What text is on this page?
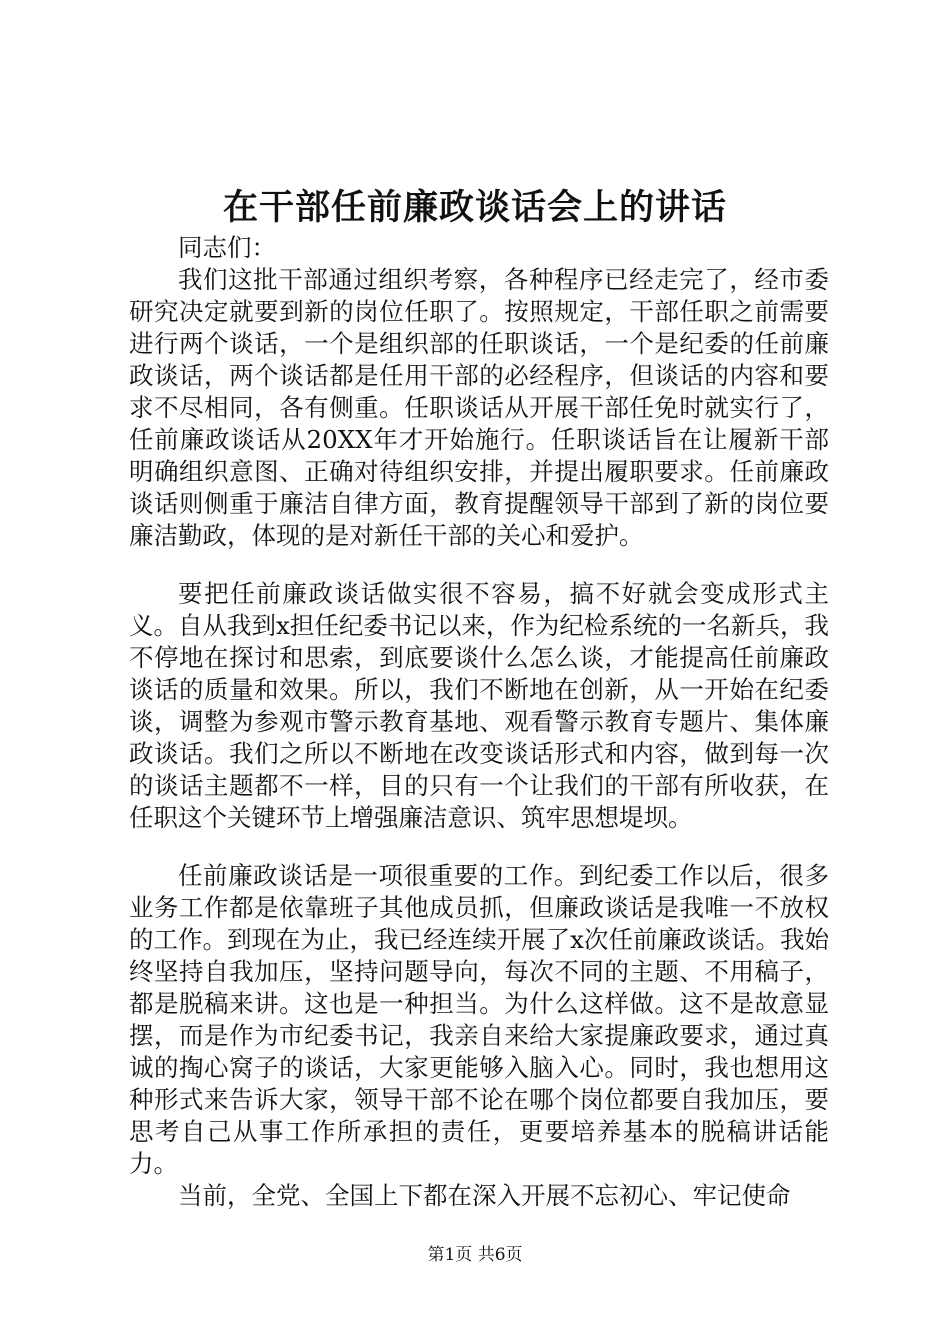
在干部任前廉政谈话会上的讲话

同志们：

我们这批干部通过组织考察，各种程序已经走完了，经市委研究决定就要到新的岗位任职了。按照规定，干部任职之前需要进行两个谈话，一个是组织部的任职谈话，一个是纪委的任前廉政谈话，两个谈话都是任用干部的必经程序，但谈话的内容和要求不尽相同，各有侧重。任职谈话从开展干部任免时就实行了，任前廉政谈话从20XX年才开始施行。任职谈话旨在让履新干部明确组织意图、正确对待组织安排，并提出履职要求。任前廉政谈话则侧重于廉洁自律方面，教育提醒领导干部到了新的岗位要廉洁勤政，体现的是对新任干部的关心和爱护。

要把任前廉政谈话做实很不容易，搞不好就会变成形式主义。自从我到x担任纪委书记以来，作为纪检系统的一名新兵，我不停地在探讨和思索，到底要谈什么怎么谈，才能提高任前廉政谈话的质量和效果。所以，我们不断地在创新，从一开始在纪委谈，调整为参观市警示教育基地、观看警示教育专题片、集体廉政谈话。我们之所以不断地在改变谈话形式和内容，做到每一次的谈话主题都不一样，目的只有一个让我们的干部有所收获，在任职这个关键环节上增强廉洁意识、筑牢思想堤坝。

任前廉政谈话是一项很重要的工作。到纪委工作以后，很多业务工作都是依靠班子其他成员抓，但廉政谈话是我唯一不放权的工作。到现在为止，我已经连续开展了x次任前廉政谈话。我始终坚持自我加压，坚持问题导向，每次不同的主题、不用稿子，都是脱稿来讲。这也是一种担当。为什么这样做。这不是故意显摆，而是作为市纪委书记，我亲自来给大家提廉政要求，通过真诚的掏心窝子的谈话，大家更能够入脑入心。同时，我也想用这种形式来告诉大家，领导干部不论在哪个岗位都要自我加压，要思考自己从事工作所承担的责任，更要培养基本的脱稿讲话能力。

当前，全党、全国上下都在深入开展不忘初心、牢记使命

第1页 共6页
